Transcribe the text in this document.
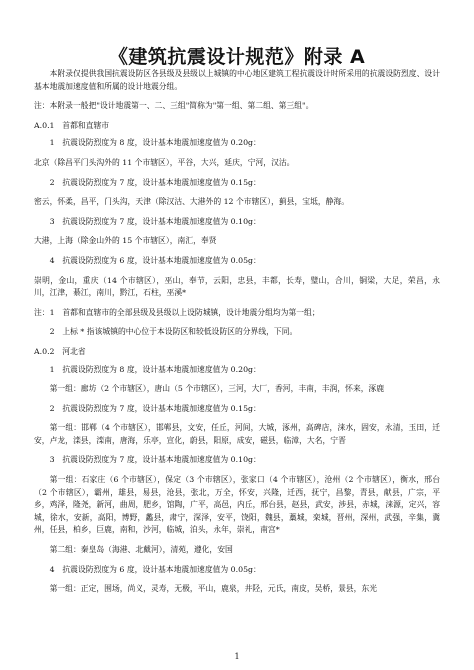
《建筑抗震设计规范》附录 A

本附录仅提供我国抗震设防区各县级及县级以上城镇的中心地区建筑工程抗震设计时所采用的抗震设防烈度、设计基本地震加速度值和所属的设计地震分组。

注：本附录一般把"设计地震第一、二、三组"简称为"第一组、第二组、第三组"。

A.0.1　首都和直辖市

1　抗震设防烈度为 8 度，设计基本地震加速度值为 0.20g：

北京（除昌平门头沟外的 11 个市辖区），平谷，大兴，延庆，宁河，汉沽。

2　抗震设防烈度为 7 度，设计基本地震加速度值为 0.15g：

密云，怀柔，昌平，门头沟，天津（除汉沽、大港外的 12 个市辖区），蓟县，宝坻，静海。

3　抗震设防烈度为 7 度，设计基本地震加速度值为 0.10g：

大港，上海（除金山外的 15 个市辖区），南汇，奉贤

4　抗震设防烈度为 6 度，设计基本地震加速度值为 0.05g：

崇明，金山，重庆（14 个市辖区），巫山，奉节，云阳，忠县，丰都，长寿，璧山，合川，铜梁，大足，荣昌，永川，江津，綦江，南川，黔江，石柱，巫溪*

注：1　首都和直辖市的全部县级及县级以上设防城镇，设计地震分组均为第一组；

2　上标 * 指该城镇的中心位于本设防区和较低设防区的分界线，下同。

A.0.2　河北省

1　抗震设防烈度为 8 度，设计基本地震加速度值为 0.20g：

第一组：廊坊（2 个市辖区），唐山（5 个市辖区），三河，大厂，香河，丰南，丰润，怀来，涿鹿

2　抗震设防烈度为 7 度，设计基本地震加速度值为 0.15g：

第一组：邯郸（4 个市辖区），邯郸县，文安，任丘，河间，大城，涿州，高碑店，涞水，固安，永清，玉田，迁安，卢龙，滦县，滦南，唐海，乐亭，宣化，蔚县，阳原，成安，磁县，临漳，大名，宁晋

3　抗震设防烈度为 7 度，设计基本地震加速度值为 0.10g：

第一组：石家庄（6 个市辖区），保定（3 个市辖区），张家口（4 个市辖区），沧州（2 个市辖区），衡水，邢台（2 个市辖区），霸州，雄县，易县，沧县，张北，万全，怀安，兴隆，迁西，抚宁，昌黎，青县，献县，广宗，平乡，鸡泽，隆尧，新河，曲周，肥乡，馆陶，广平，高邑，内丘，邢台县，赵县，武安，涉县，赤城，涞源，定兴，容城，徐水，安新，高阳，博野，蠡县，肃宁，深泽，安平，饶阳，魏县，藁城，栾城，晋州，深州，武强，辛集，冀州，任县，柏乡，巨鹿，南和，沙河，临城，泊头，永年，崇礼，南宫*

第二组：秦皇岛（海港、北戴河），清苑，遵化，安国

4　抗震设防烈度为 6 度，设计基本地震加速度值为 0.05g：

第一组：正定，围场，尚义，灵寿，无极，平山，鹿泉，井陉，元氏，南皮，吴桥，景县，东光

1
